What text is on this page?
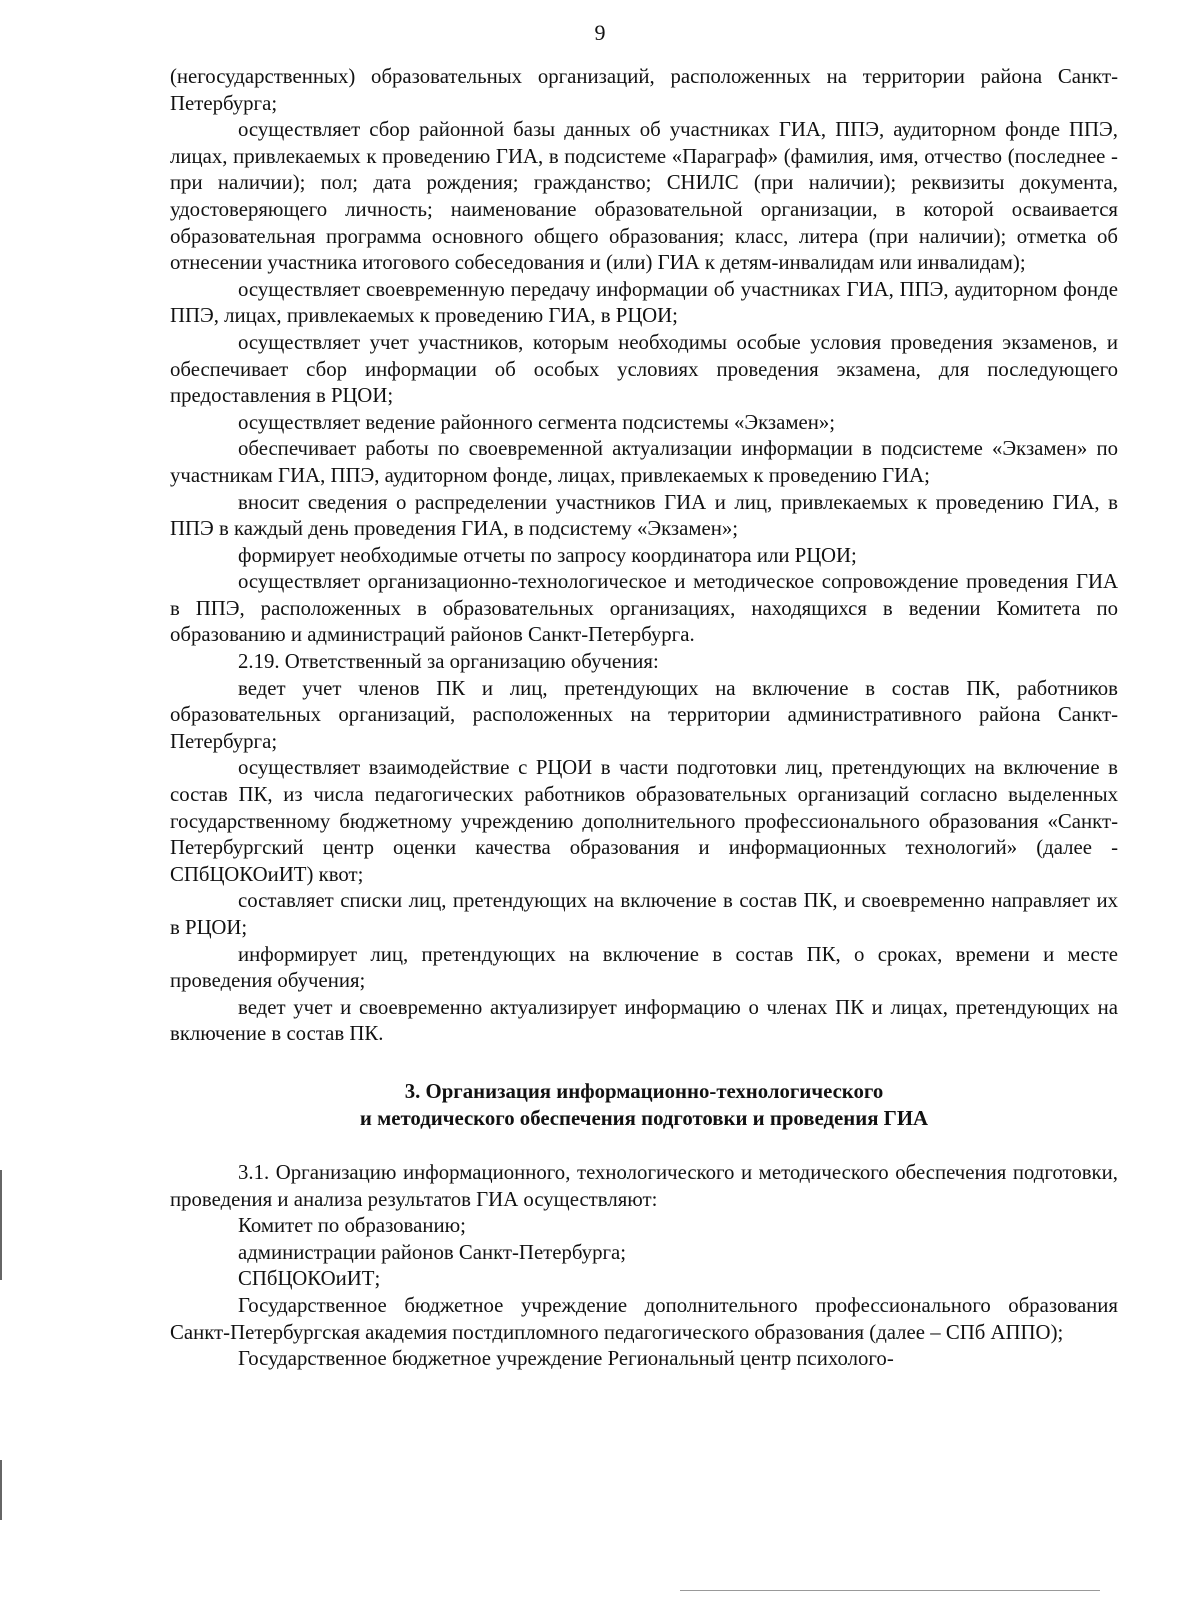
9

(негосударственных) образовательных организаций, расположенных на территории района Санкт-Петербурга;

осуществляет сбор районной базы данных об участниках ГИА, ППЭ, аудиторном фонде ППЭ, лицах, привлекаемых к проведению ГИА, в подсистеме «Параграф» (фамилия, имя, отчество (последнее - при наличии); пол; дата рождения; гражданство; СНИЛС (при наличии); реквизиты документа, удостоверяющего личность; наименование образовательной организации, в которой осваивается образовательная программа основного общего образования; класс, литера (при наличии); отметка об отнесении участника итогового собеседования и (или) ГИА к детям-инвалидам или инвалидам);

осуществляет своевременную передачу информации об участниках ГИА, ППЭ, аудиторном фонде ППЭ, лицах, привлекаемых к проведению ГИА, в РЦОИ;

осуществляет учет участников, которым необходимы особые условия проведения экзаменов, и обеспечивает сбор информации об особых условиях проведения экзамена, для последующего предоставления в РЦОИ;

осуществляет ведение районного сегмента подсистемы «Экзамен»;

обеспечивает работы по своевременной актуализации информации в подсистеме «Экзамен» по участникам ГИА, ППЭ, аудиторном фонде, лицах, привлекаемых к проведению ГИА;

вносит сведения о распределении участников ГИА и лиц, привлекаемых к проведению ГИА, в ППЭ в каждый день проведения ГИА, в подсистему «Экзамен»;

формирует необходимые отчеты по запросу координатора или РЦОИ;

осуществляет организационно-технологическое и методическое сопровождение проведения ГИА в ППЭ, расположенных в образовательных организациях, находящихся в ведении Комитета по образованию и администраций районов Санкт-Петербурга.

2.19. Ответственный за организацию обучения:

ведет учет членов ПК и лиц, претендующих на включение в состав ПК, работников образовательных организаций, расположенных на территории административного района Санкт-Петербурга;

осуществляет взаимодействие с РЦОИ в части подготовки лиц, претендующих на включение в состав ПК, из числа педагогических работников образовательных организаций согласно выделенных государственному бюджетному учреждению дополнительного профессионального образования «Санкт-Петербургский центр оценки качества образования и информационных технологий» (далее - СПбЦОКОиИТ) квот;

составляет списки лиц, претендующих на включение в состав ПК, и своевременно направляет их в РЦОИ;

информирует лиц, претендующих на включение в состав ПК, о сроках, времени и месте проведения обучения;

ведет учет и своевременно актуализирует информацию о членах ПК и лицах, претендующих на включение в состав ПК.

3. Организация информационно-технологического
и методического обеспечения подготовки и проведения ГИА

3.1. Организацию информационного, технологического и методического обеспечения подготовки, проведения и анализа результатов ГИА осуществляют:

Комитет по образованию;

администрации районов Санкт-Петербурга;

СПбЦОКОиИТ;

Государственное бюджетное учреждение дополнительного профессионального образования Санкт-Петербургская академия постдипломного педагогического образования (далее – СПб АППО);

Государственное бюджетное учреждение Региональный центр психолого-
